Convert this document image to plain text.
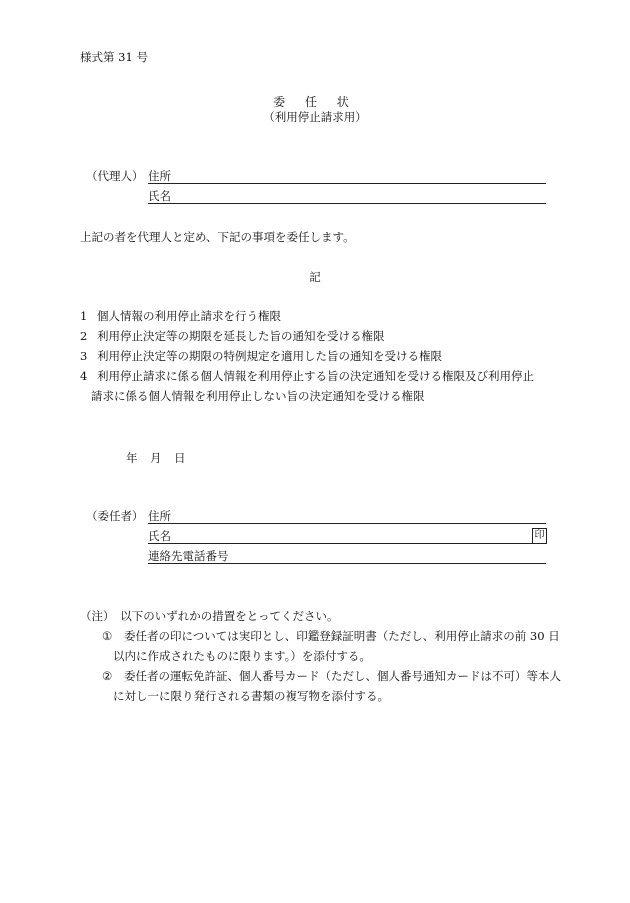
様式第 31 号
委 任 状
（利用停止請求用）
（代理人） 住所
氏名
上記の者を代理人と定め、下記の事項を委任します。
記
1 個人情報の利用停止請求を行う権限
2 利用停止決定等の期限を延長した旨の通知を受ける権限
3 利用停止決定等の期限の特例規定を適用した旨の通知を受ける権限
4 利用停止請求に係る個人情報を利用停止する旨の決定通知を受ける権限及び利用停止
請求に係る個人情報を利用停止しない旨の決定通知を受ける権限
年 月 日
（委任者） 住所
氏名	印
連絡先電話番号
（注）　以下のいずれかの措置をとってください。
① 委任者の印については実印とし、印鑑登録証明書（ただし、利用停止請求の前 30 日
以内に作成されたものに限ります。）を添付する。
② 委任者の運転免許証、個人番号カード（ただし、個人番号通知カードは不可）等本人
に対し一に限り発行される書類の複写物を添付する。
